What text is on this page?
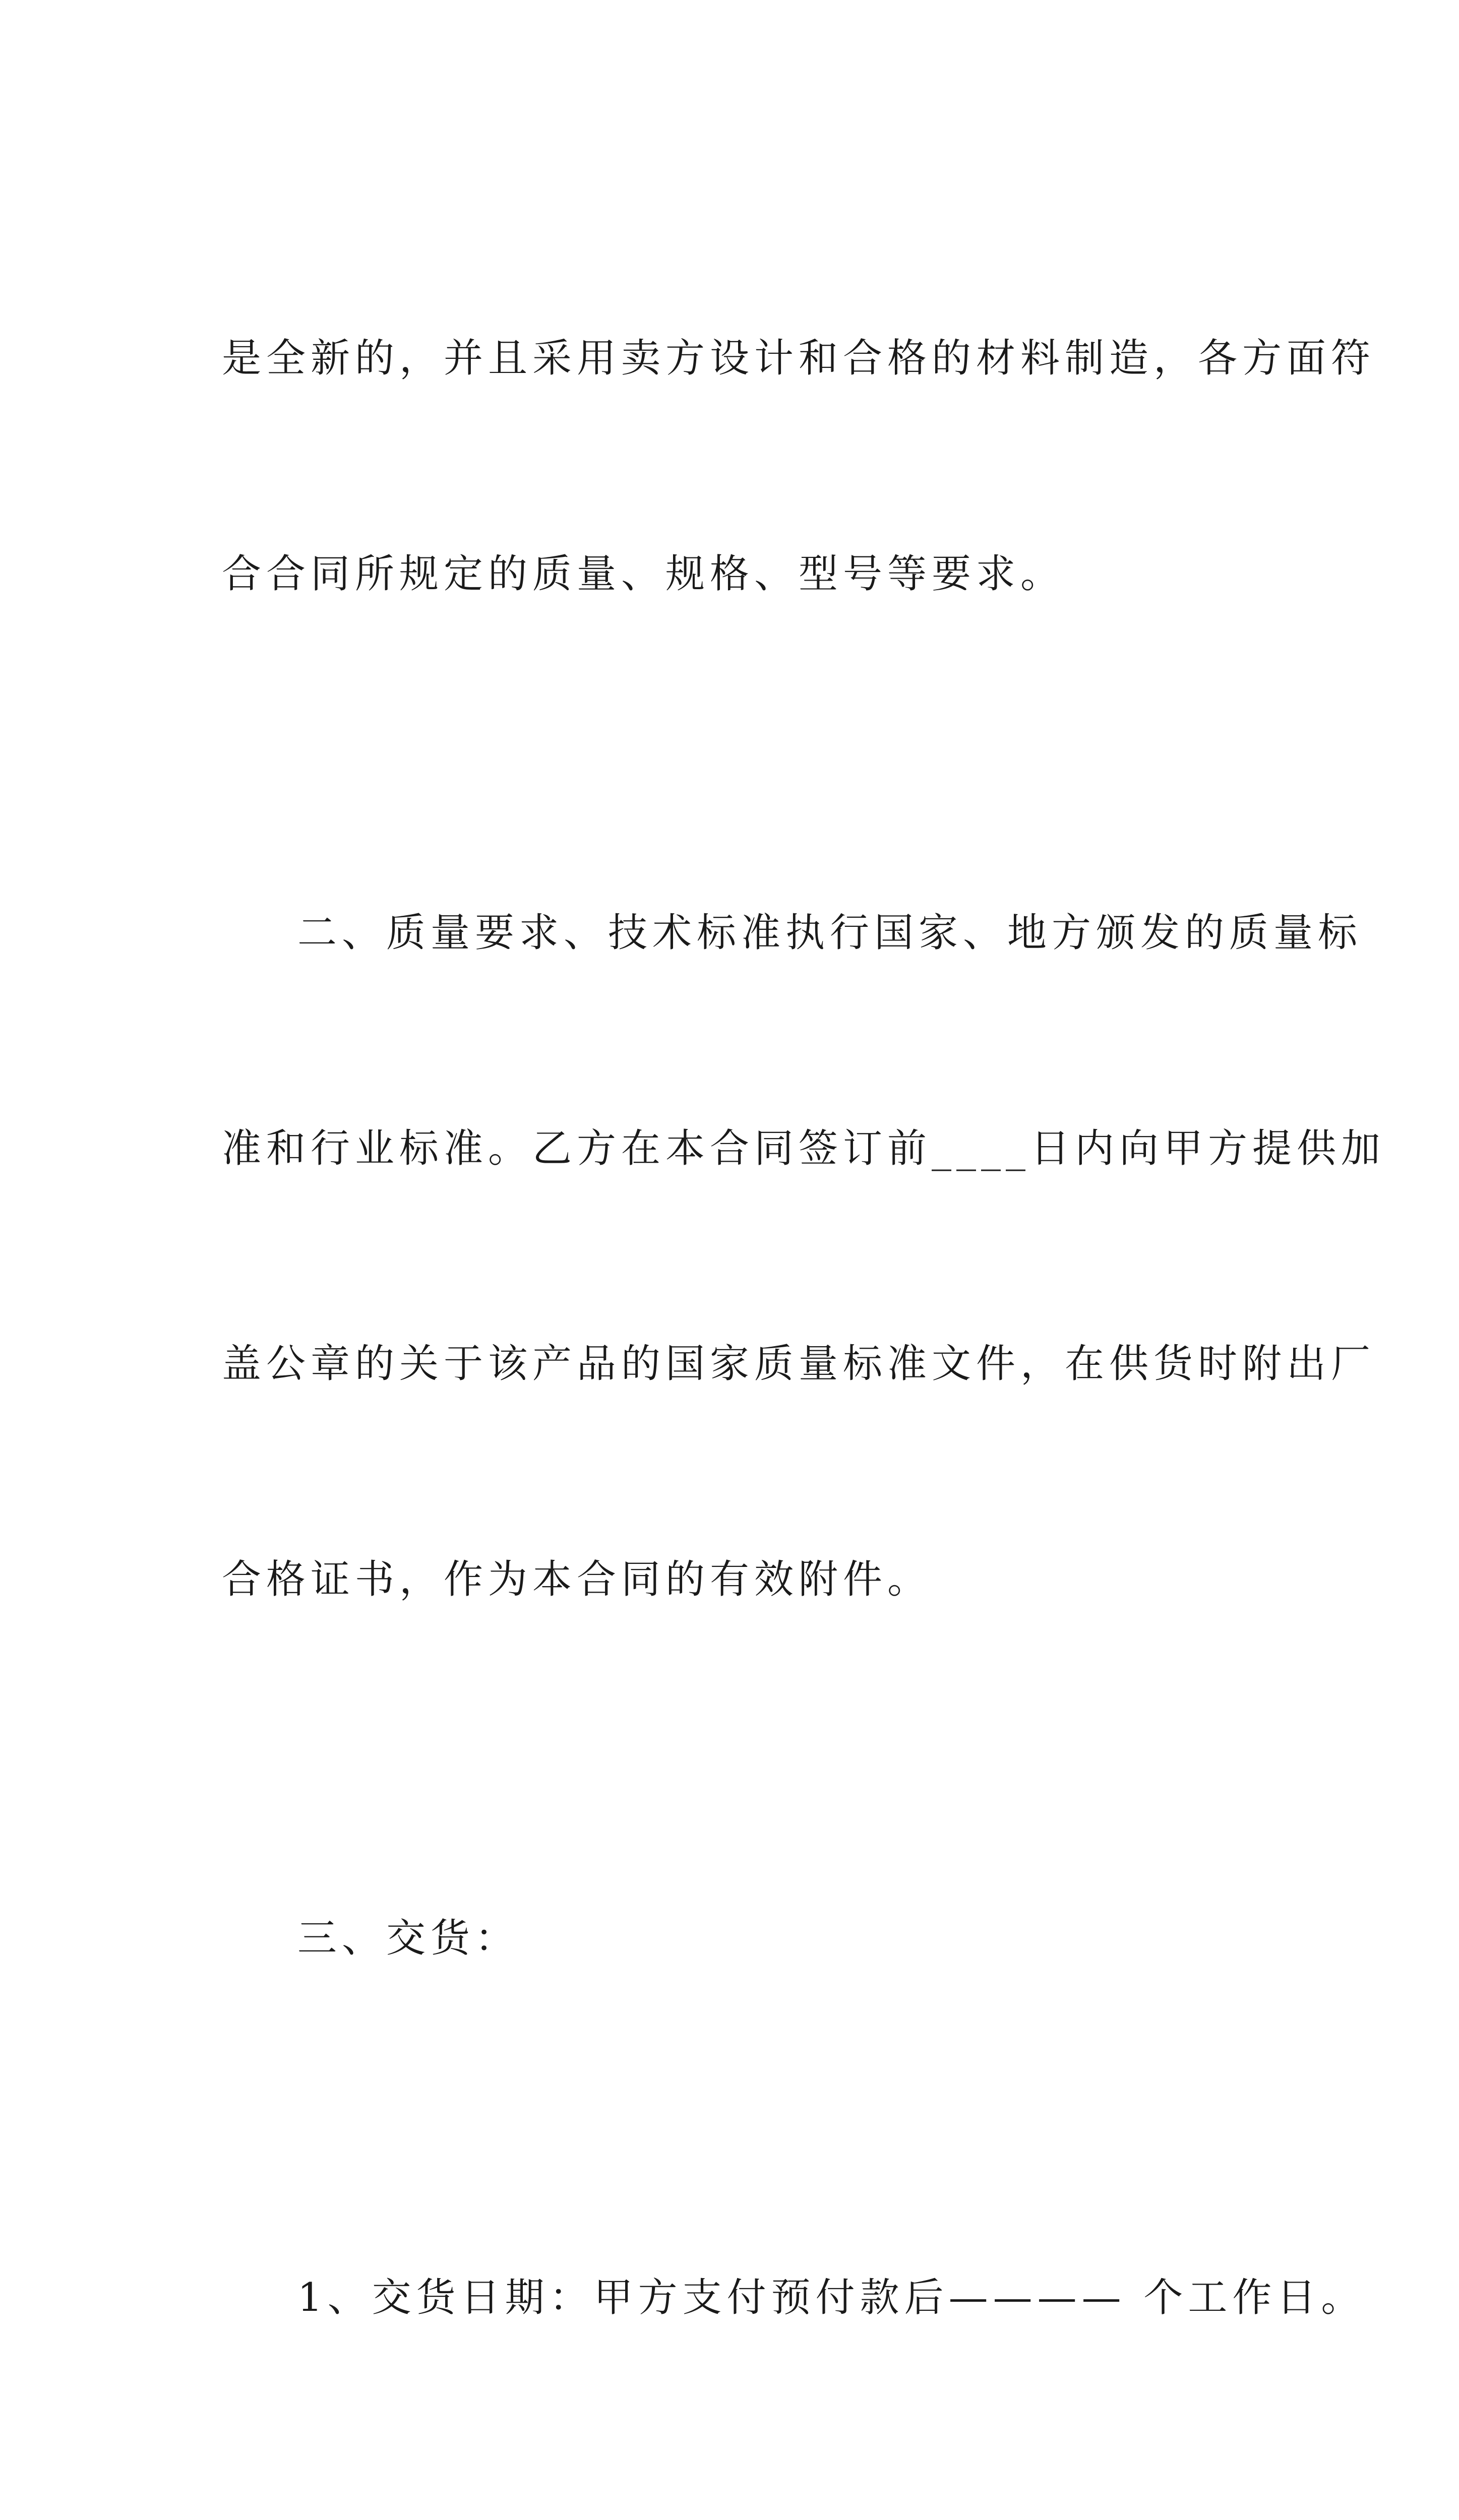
是全新的，并且采用卖方设计和合格的材料制造，各方面符

合合同所规定的质量、规格、型号等要求。

二、质量要求、技术标准执行国家、地方颁发的质量标

准和行业标准。乙方在本合同签订前____日内向甲方提供加

盖公章的关于该产品的国家质量标准文件，在供货时附出厂

合格证书，作为本合同的有效附件。

三、交货：

1、交货日期：甲方支付预付款后———— 个工作日。
